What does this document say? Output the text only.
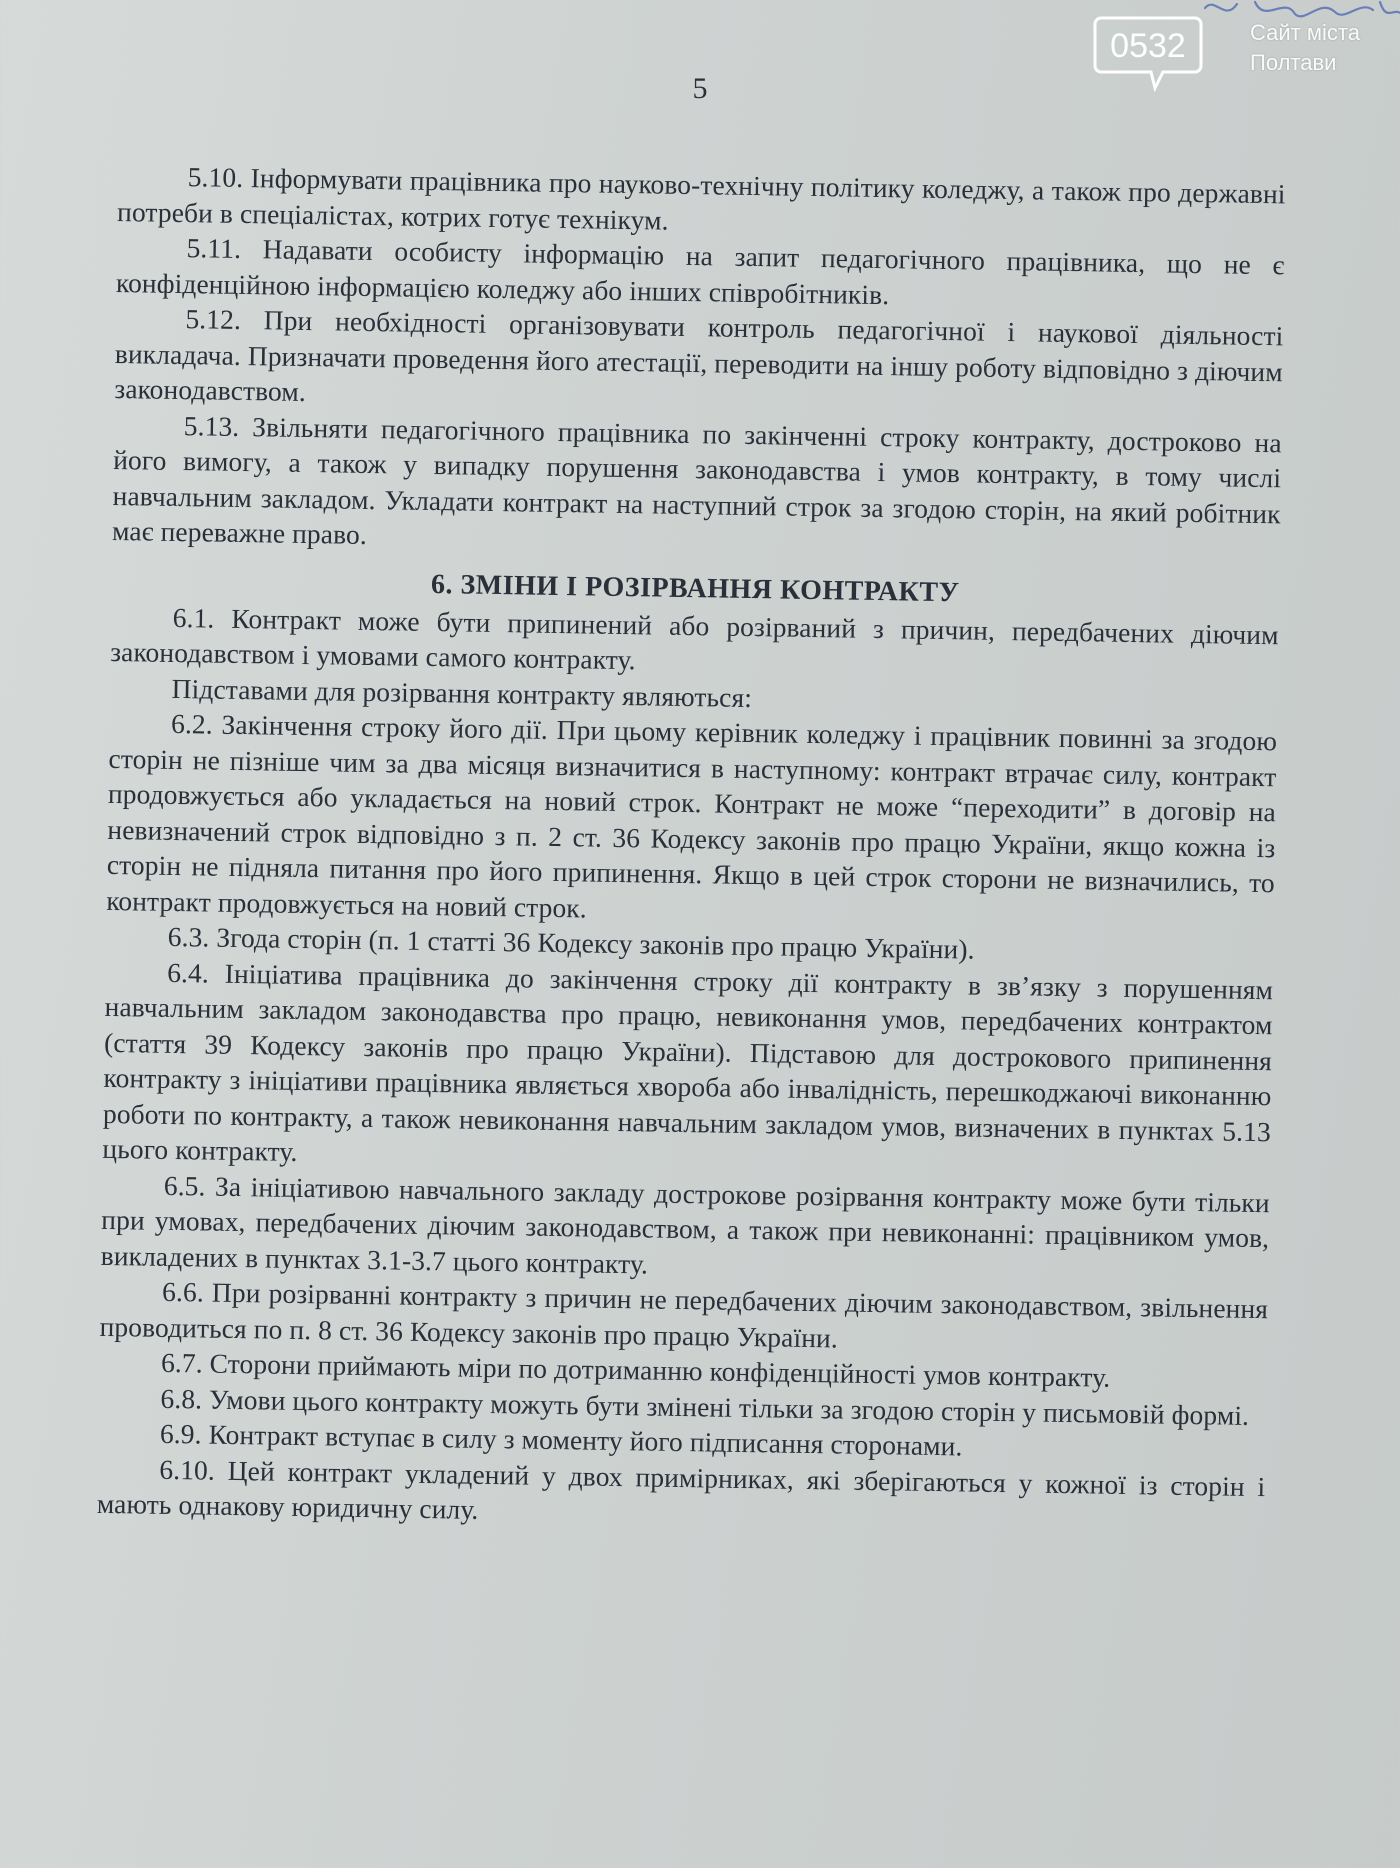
0532	Сайт міста
Полтави
5

5.10. Інформувати працівника про науково-технічну політику коледжу, а також про державні потреби в спеціалістах, котрих готує технікум.

5.11. Надавати особисту інформацію на запит педагогічного працівника, що не є конфіденційною інформацією коледжу або інших співробітників.

5.12. При необхідності організовувати контроль педагогічної і наукової діяльності викладача. Призначати проведення його атестації, переводити на іншу роботу відповідно з діючим законодавством.

5.13. Звільняти педагогічного працівника по закінченні строку контракту, достроково на його вимогу, а також у випадку порушення законодавства і умов контракту, в тому числі навчальним закладом. Укладати контракт на наступний строк за згодою сторін, на який робітник має переважне право.

6. ЗМІНИ І РОЗІРВАННЯ КОНТРАКТУ

6.1. Контракт може бути припинений або розірваний з причин, передбачених діючим законодавством і умовами самого контракту.

Підставами для розірвання контракту являються:

6.2. Закінчення строку його дії. При цьому керівник коледжу і працівник повинні за згодою сторін не пізніше чим за два місяця визначитися в наступному: контракт втрачає силу, контракт продовжується або укладається на новий строк. Контракт не може “переходити” в договір на невизначений строк відповідно з п. 2 ст. 36 Кодексу законів про працю України, якщо кожна із сторін не підняла питання про його припинення. Якщо в цей строк сторони не визначились, то контракт продовжується на новий строк.

6.3. Згода сторін (п. 1 статті 36 Кодексу законів про працю України).

6.4. Ініціатива працівника до закінчення строку дії контракту в зв’язку з порушенням навчальним закладом законодавства про працю, невиконання умов, передбачених контрактом (стаття 39 Кодексу законів про працю України). Підставою для дострокового припинення контракту з ініціативи працівника являється хвороба або інвалідність, перешкоджаючі виконанню роботи по контракту, а також невиконання навчальним закладом умов, визначених в пунктах 5.13 цього контракту.

6.5. За ініціативою навчального закладу дострокове розірвання контракту може бути тільки при умовах, передбачених діючим законодавством, а також при невиконанні: працівником умов, викладених в пунктах 3.1-3.7 цього контракту.

6.6. При розірванні контракту з причин не передбачених діючим законодавством, звільнення проводиться по п. 8 ст. 36 Кодексу законів про працю України.

6.7. Сторони приймають міри по дотриманню конфіденційності умов контракту.

6.8. Умови цього контракту можуть бути змінені тільки за згодою сторін у письмовій формі.

6.9. Контракт вступає в силу з моменту його підписання сторонами.

6.10. Цей контракт укладений у двох примірниках, які зберігаються у кожної із сторін і мають однакову юридичну силу.
